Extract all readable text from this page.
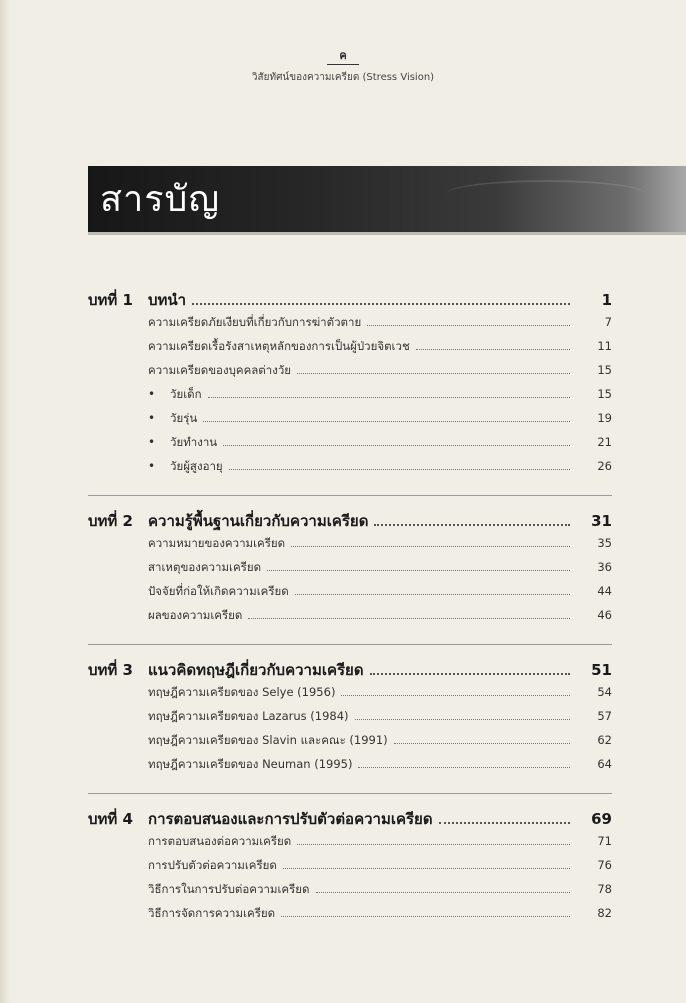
ค
วิสัยทัศน์ของความเครียด (Stress Vision)
สารบัญ
บทที่ 1	บทนำ	1
ความเครียดภัยเงียบที่เกี่ยวกับการฆ่าตัวตาย	7
ความเครียดเรื้อรังสาเหตุหลักของการเป็นผู้ป่วยจิตเวช	11
ความเครียดของบุคคลต่างวัย	15
•	วัยเด็ก	15
•	วัยรุ่น	19
•	วัยทำงาน	21
•	วัยผู้สูงอายุ	26
บทที่ 2	ความรู้พื้นฐานเกี่ยวกับความเครียด	31
ความหมายของความเครียด	35
สาเหตุของความเครียด	36
ปัจจัยที่ก่อให้เกิดความเครียด	44
ผลของความเครียด	46
บทที่ 3	แนวคิดทฤษฎีเกี่ยวกับความเครียด	51
ทฤษฎีความเครียดของ Selye (1956)	54
ทฤษฎีความเครียดของ Lazarus (1984)	57
ทฤษฎีความเครียดของ Slavin และคณะ (1991)	62
ทฤษฎีความเครียดของ Neuman (1995)	64
บทที่ 4	การตอบสนองและการปรับตัวต่อความเครียด	69
การตอบสนองต่อความเครียด	71
การปรับตัวต่อความเครียด	76
วิธีการในการปรับต่อความเครียด	78
วิธีการจัดการความเครียด	82
